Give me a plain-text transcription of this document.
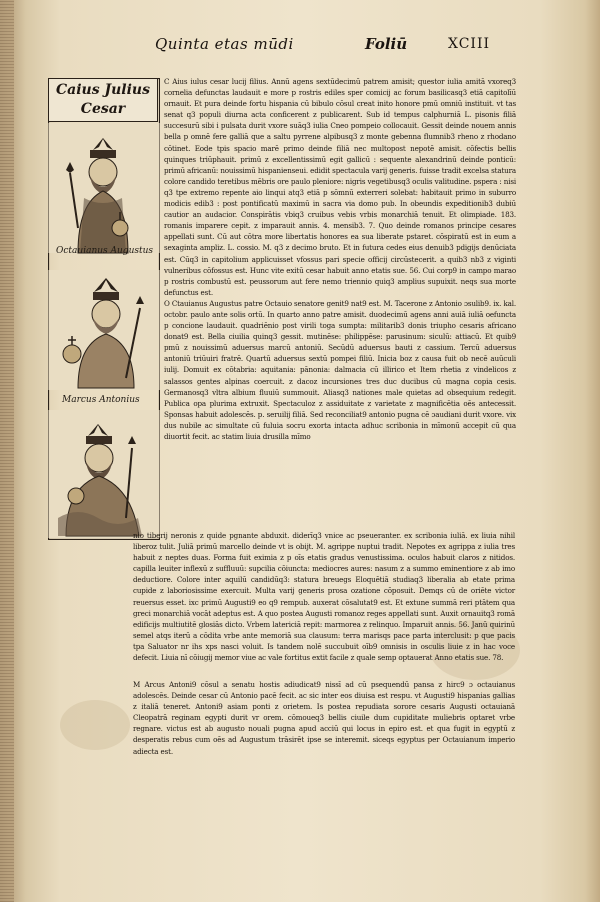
Quinta etas mūdi	Foliū	XCIII
Caius Julius Cesar
Octauianus Augustus
Marcus Antonius

C Aius iulus cesar lucij filius. Annū agens sextūdecimū patrem amisit; questor iulia amitā vxoreq3 cornelia defunctas laudauit e more p rostris ediles sper comicij ac forum basilicasq3 etiā capitolīū ornauit. Et pura deinde fortu hispania cū bibulo cōsul creat inito honore pmū omniū instituit. vt tas senat q3 populi diurna acta conficerent z publicarent. Sub id tempus calphurniā L. pisonis filiā succesurū sibi i pulsata durit vxore suāq3 iulia Cneo pompeio collocauit. Gessit deinde nouem annis bella p omnē fere galliā que a saltu pyrrene alpibusq3 z monte gebenna flumnib3 rheno z rhodano cōtinet. Eode tpis spacio marē primo deinde filiā nec multopost nepotē amisit. cōfectis bellis quinques triūphauit. primū z excellentissimū egit gallicū : sequente alexandrinū deinde ponticū: primū africanū: nouissimū hispanienseui. edidit spectacula varij generis. fuisse tradit excelsa statura colore candido teretibus mēbris ore paulo pleniore: nigris vegetibusq3 oculis valitudine. pspera : nisi q3 tpe extremo repente aio linqui atq3 etiā p sōmnū exterreri solebat: habitauit primo in suburro modicis edib3 : post pontificatū maximū in sacra via domo pub. In obeundis expeditionib3 dubiū cautior an audacior. Conspirātis vbiq3 cruibus vebis vrbis monarchiā tenuit. Et olimpiade. 183. romanis imparere cepit. z imparauit annis. 4. mensib3. 7. Quo deinde romanos principe cesares appellati sunt. Cū aut cōtra more libertatis honores ea sua liberate pstaret. cōspiratū est in eum a sexaginta ampliz. L. cossio. M. q3 z decimo bruto. Et in futura cedes eius denuib3 pdigijs denūciata est. Cūq3 in capitolium applicuisset vfossus pari specie officij circūstecerit. a quib3 nb3 z viginti vulneribus cōfossus est. Hunc vite exitū cesar habuit anno etatis sue. 56. Cui corp9 in campo marao p rostris combustū est. peussorum aut fere nemo triennio quiq3 amplius supuixit. neqs sua morte defunctus est.

O Ctauianus Augustus patre Octauio senatore genit9 nat9 est. M. Tacerone z Antonio ɔsulib9. ix. kal. octobr. paulo ante solis ortū. In quarto anno patre amisit. duodecimū agens anni auiā iuliā oefuncta p concione laudauit. quadriēnio post virili toga sumpta: militarib3 donis triupho cesaris africano donat9 est. Bella ciuilia quinq3 gessit. mutinēse: philippēse: parusinum: siculū: attiacū. Et quib9 pmū z nouissimū aduersus marcū antoniū. Secūdū aduersus bauti z cassium. Tercū aduersus antoniū triūuiri fratrē. Quartū aduersus sextū pompei filiū. Inicia boz z causa fuit ob necē auūculi iulij. Domuit ex cōtabria: aquitania: pānonia: dalmacia cū illirico et Item rhetia z vindelicos z salassos gentes alpinas coercuit. z dacoz incursiones tres duc ducibus cū magna copia cesis. Germanosq3 vltra albium fluuiū summouit. Aliasq3 nationes male quietas ad obsequium redegit. Publica opa plurima extruxit. Spectaculoz z assiduitate z varietate z magnificētia oēs antecessit. Sponsas habuit adolescēs. p. seruilij filiā. Sed reconciliat9 antonio pugna cē ɔaudiani durit vxore. vix dus nubile ac simultate cū fuluia socru exorta intacta adhuc scribonia in mīmonū accepit cū qua diuortit fecit. ac statim liuia drusilla mīmo

nio tiberij neronis z quide pgnante abduxit. diderīq3 vnice ac pseueranter. ex scribonia iuliā. ex liuia nihil liberoz tulit. Juliā primū marcello deinde vt is obijt. M. agrippe nuptui tradit. Nepotes ex agrippa z iulia tres habuit z neptes duas. Forma fuit eximia z p oīs etatis gradus venustissima. oculos habuit claros z nitidos. capilla leuiter inflexū z suffluuū: supcilia cōiuncta: mediocres aures: nasum z a summo eminentiore z ab imo deductiore. Colore inter aquilū candidūq3: statura breuegs Eloquētiā studiaq3 liberalia ab etate prima cupide z laboriosissime exercuit. Multa varij generis prosa ozatione cōposuit. Demqs cū de oriēte victor reuersus esset. ixc primū Augusti9 eo q9 rempub. auxerat cōsalutat9 est. Et extune summā reri ptātem qua greci monarchiā vocāt adeptus est. A quo postea Augusti romanoz reges appellati sunt. Auxit ornauitq3 romā edificijs multiutitē glosiās dicto. Vrbem latericiā repit: marmorea z relinquo. Imparuit annis. 56. Janū quirinū semel atqs iterū a cōdita vrbe ante memoriā sua clausum: terra marisqs pace parta interclusit: p que pacis tpa Saluator nr ihs xps nasci voluit. Is tandem nolē succubuit oīb9 omnisis in osculis liuie z in hac voce defecit. Liuia nī cōiugij memor viue ac vale fortitus extit facile z quale semp optauerat Anno etatis sue. 78.

M Arcus Antoni9 cōsul a senatu hostis adiudicat9 nissī ad cū psequendū pansa z hirc9 ɔ octauianus adolescēs. Deinde cesar cū Antonio pacē fecit. ac sic inter eos diuisa est respu. vt Augusti9 hispanias gallias z italiā teneret. Antoni9 asiam ponti z orietem. Is postea repudiata sorore cesaris Augusti octauianā Cleopatrā reginam egypti durit vr orem. cōmoueq3 bellis ciuile dum cupiditate muliebris optaret vrbe regnare. victus est ab augusto nouali pugna apud acciū qui locus in epiro est. et qua fugit in egyptū z desperatis rebus cum oēs ad Augustum trāsirēt ipse se interemit. siceqs egyptus per Octauianum imperio adiecta est.
